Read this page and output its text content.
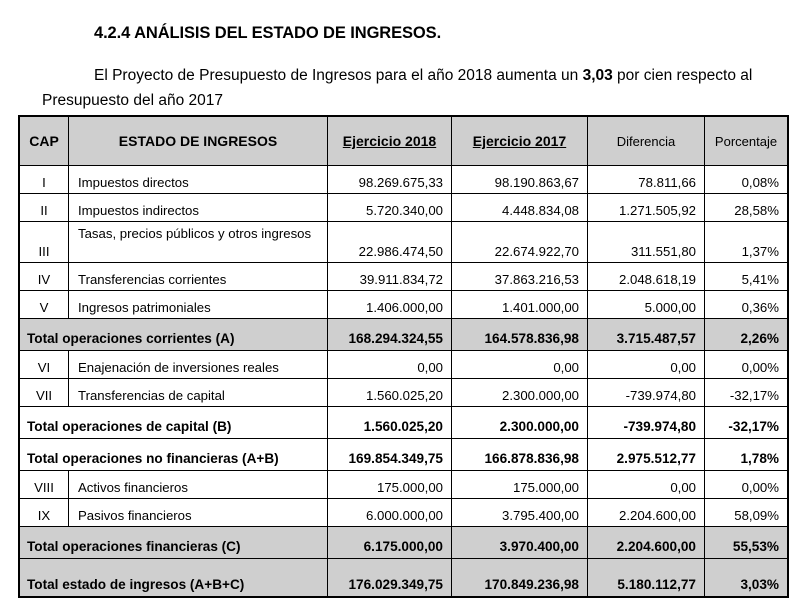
4.2.4 ANÁLISIS DEL ESTADO DE INGRESOS.

El Proyecto de Presupuesto de Ingresos para el año 2018 aumenta un 3,03 por cien respecto al Presupuesto del año 2017

CAP	ESTADO DE INGRESOS	Ejercicio 2018	Ejercicio 2017	Diferencia	Porcentaje
I	Impuestos directos	98.269.675,33	98.190.863,67	78.811,66	0,08%
II	Impuestos indirectos	5.720.340,00	4.448.834,08	1.271.505,92	28,58%
III	Tasas, precios públicos y otros ingresos	22.986.474,50	22.674.922,70	311.551,80	1,37%
IV	Transferencias corrientes	39.911.834,72	37.863.216,53	2.048.618,19	5,41%
V	Ingresos patrimoniales	1.406.000,00	1.401.000,00	5.000,00	0,36%
Total operaciones corrientes (A)		168.294.324,55	164.578.836,98	3.715.487,57	2,26%
VI	Enajenación de inversiones reales	0,00	0,00	0,00	0,00%
VII	Transferencias de capital	1.560.025,20	2.300.000,00	-739.974,80	-32,17%
Total operaciones de capital (B)		1.560.025,20	2.300.000,00	-739.974,80	-32,17%
Total operaciones no financieras (A+B)		169.854.349,75	166.878.836,98	2.975.512,77	1,78%
VIII	Activos financieros	175.000,00	175.000,00	0,00	0,00%
IX	Pasivos financieros	6.000.000,00	3.795.400,00	2.204.600,00	58,09%
Total operaciones financieras (C)		6.175.000,00	3.970.400,00	2.204.600,00	55,53%
Total estado de ingresos (A+B+C)		176.029.349,75	170.849.236,98	5.180.112,77	3,03%
